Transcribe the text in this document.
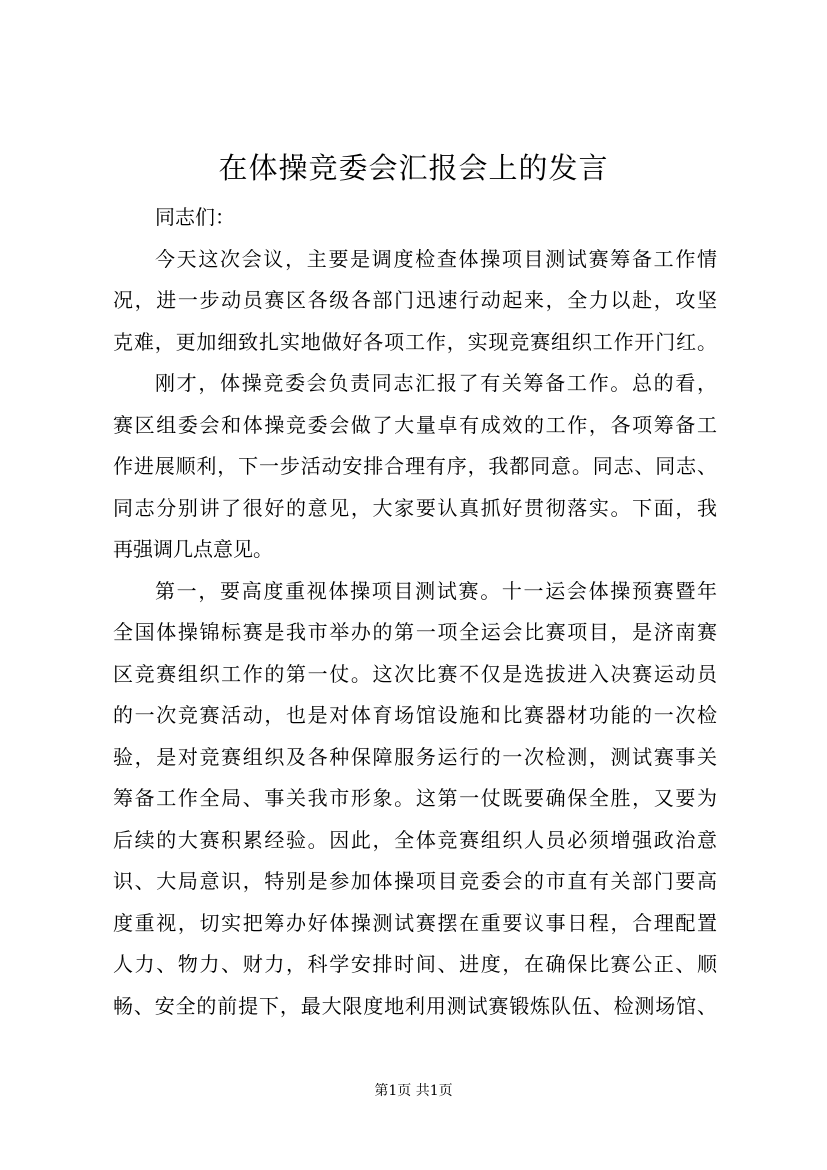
在体操竞委会汇报会上的发言
同志们：
今天这次会议，主要是调度检查体操项目测试赛筹备工作情
况，进一步动员赛区各级各部门迅速行动起来，全力以赴，攻坚
克难，更加细致扎实地做好各项工作，实现竞赛组织工作开门红。
刚才，体操竞委会负责同志汇报了有关筹备工作。总的看，
赛区组委会和体操竞委会做了大量卓有成效的工作，各项筹备工
作进展顺利，下一步活动安排合理有序，我都同意。同志、同志、
同志分别讲了很好的意见，大家要认真抓好贯彻落实。下面，我
再强调几点意见。
第一，要高度重视体操项目测试赛。十一运会体操预赛暨年
全国体操锦标赛是我市举办的第一项全运会比赛项目，是济南赛
区竞赛组织工作的第一仗。这次比赛不仅是选拔进入决赛运动员
的一次竞赛活动，也是对体育场馆设施和比赛器材功能的一次检
验，是对竞赛组织及各种保障服务运行的一次检测，测试赛事关
筹备工作全局、事关我市形象。这第一仗既要确保全胜，又要为
后续的大赛积累经验。因此，全体竞赛组织人员必须增强政治意
识、大局意识，特别是参加体操项目竞委会的市直有关部门要高
度重视，切实把筹办好体操测试赛摆在重要议事日程，合理配置
人力、物力、财力，科学安排时间、进度，在确保比赛公正、顺
畅、安全的前提下，最大限度地利用测试赛锻炼队伍、检测场馆、
第1页 共1页
